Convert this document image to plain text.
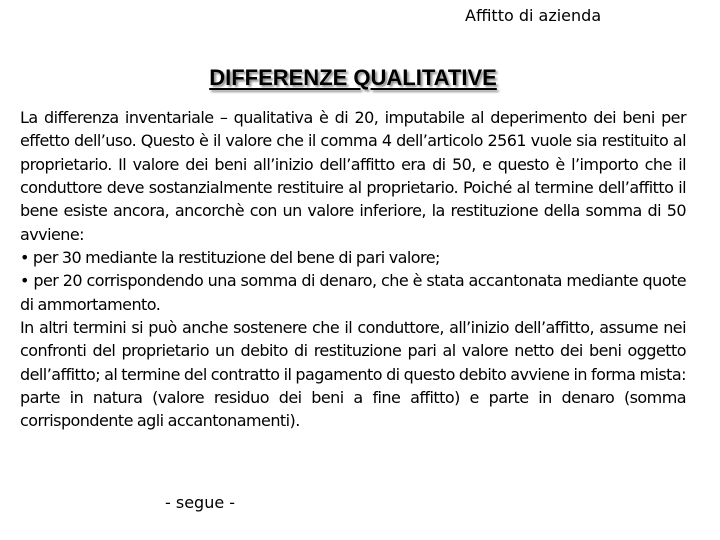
Affitto di azienda
DIFFERENZE QUALITATIVE

La differenza inventariale – qualitativa è di 20, imputabile al deperimento dei beni per effetto dell’uso. Questo è il valore che il comma 4 dell’articolo 2561 vuole sia restituito al proprietario. Il valore dei beni all’inizio dell’affitto era di 50, e questo è l’importo che il conduttore deve sostanzialmente restituire al proprietario. Poiché al termine dell’affitto il bene esiste ancora, ancorchè con un valore inferiore, la restituzione della somma di 50 avviene:

• per 30 mediante la restituzione del bene di pari valore;

• per 20 corrispondendo una somma di denaro, che è stata accantonata mediante quote di ammortamento.

In altri termini si può anche sostenere che il conduttore, all’inizio dell’affitto, assume nei confronti del proprietario un debito di restituzione pari al valore netto dei beni oggetto dell’affitto; al termine del contratto il pagamento di questo debito avviene in forma mista: parte in natura (valore residuo dei beni a fine affitto) e parte in denaro (somma corrispondente agli accantonamenti).

- segue -
